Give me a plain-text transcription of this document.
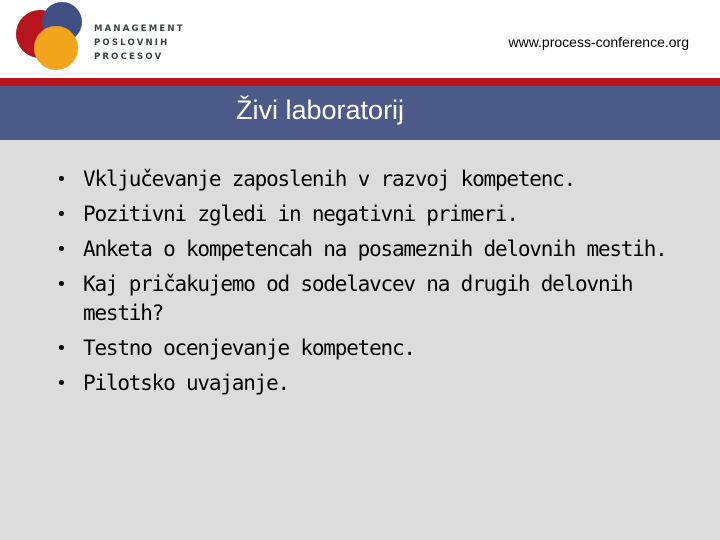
MANAGEMENT
POSLOVNIH
PROCESOV
www.process-conference.org
Živi laboratorij
• Vključevanje zaposlenih v razvoj kompetenc.
• Pozitivni zgledi in negativni primeri.
• Anketa o kompetencah na posameznih delovnih mestih.
• Kaj pričakujemo od sodelavcev na drugih delovnih mestih?
• Testno ocenjevanje kompetenc.
• Pilotsko uvajanje.
